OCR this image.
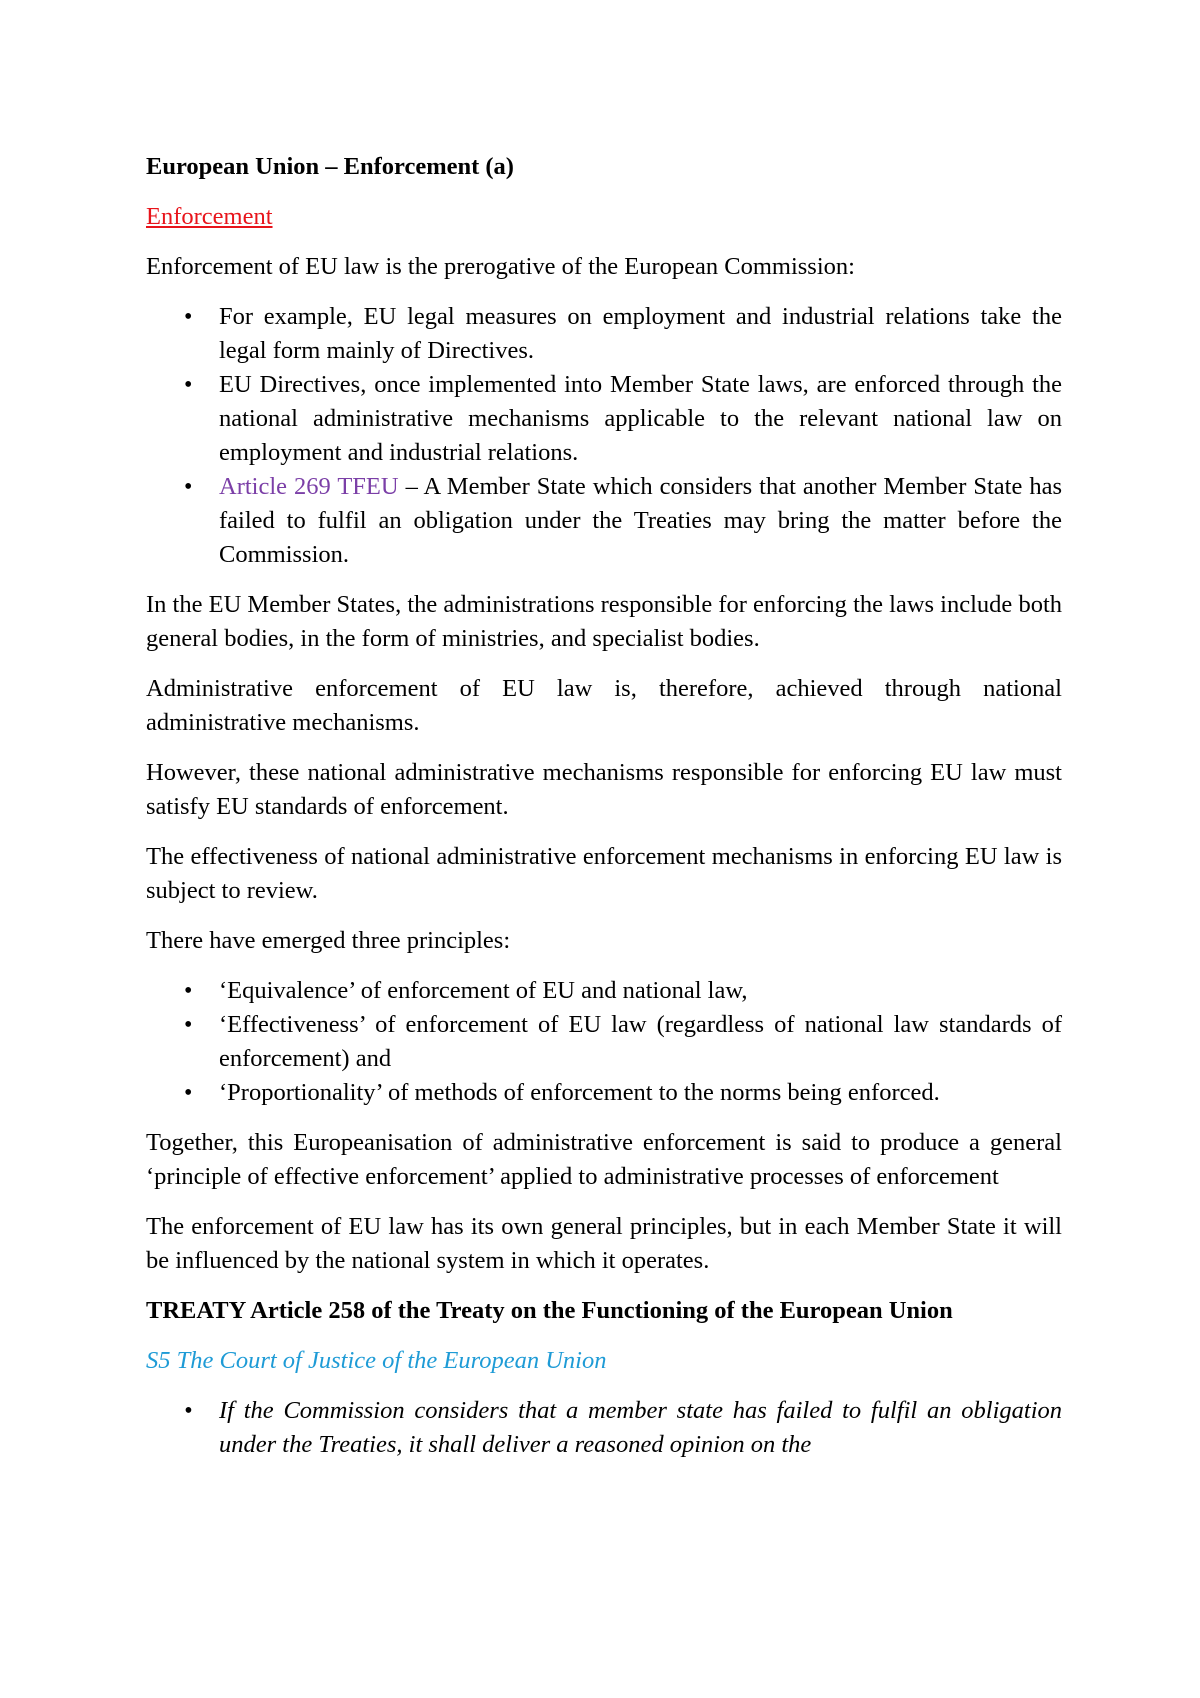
European Union – Enforcement (a)
Enforcement

Enforcement of EU law is the prerogative of the European Commission:

• For example, EU legal measures on employment and industrial relations take the legal form mainly of Directives.
• EU Directives, once implemented into Member State laws, are enforced through the national administrative mechanisms applicable to the relevant national law on employment and industrial relations.
• Article 269 TFEU – A Member State which considers that another Member State has failed to fulfil an obligation under the Treaties may bring the matter before the Commission.

In the EU Member States, the administrations responsible for enforcing the laws include both general bodies, in the form of ministries, and specialist bodies.

Administrative enforcement of EU law is, therefore, achieved through national administrative mechanisms.

However, these national administrative mechanisms responsible for enforcing EU law must satisfy EU standards of enforcement.

The effectiveness of national administrative enforcement mechanisms in enforcing EU law is subject to review.

There have emerged three principles:

• ‘Equivalence’ of enforcement of EU and national law,
• ‘Effectiveness’ of enforcement of EU law (regardless of national law standards of enforcement) and
• ‘Proportionality’ of methods of enforcement to the norms being enforced.

Together, this Europeanisation of administrative enforcement is said to produce a general ‘principle of effective enforcement’ applied to administrative processes of enforcement

The enforcement of EU law has its own general principles, but in each Member State it will be influenced by the national system in which it operates.

TREATY Article 258 of the Treaty on the Functioning of the European Union
S5 The Court of Justice of the European Union
• If the Commission considers that a member state has failed to fulfil an obligation under the Treaties, it shall deliver a reasoned opinion on the
